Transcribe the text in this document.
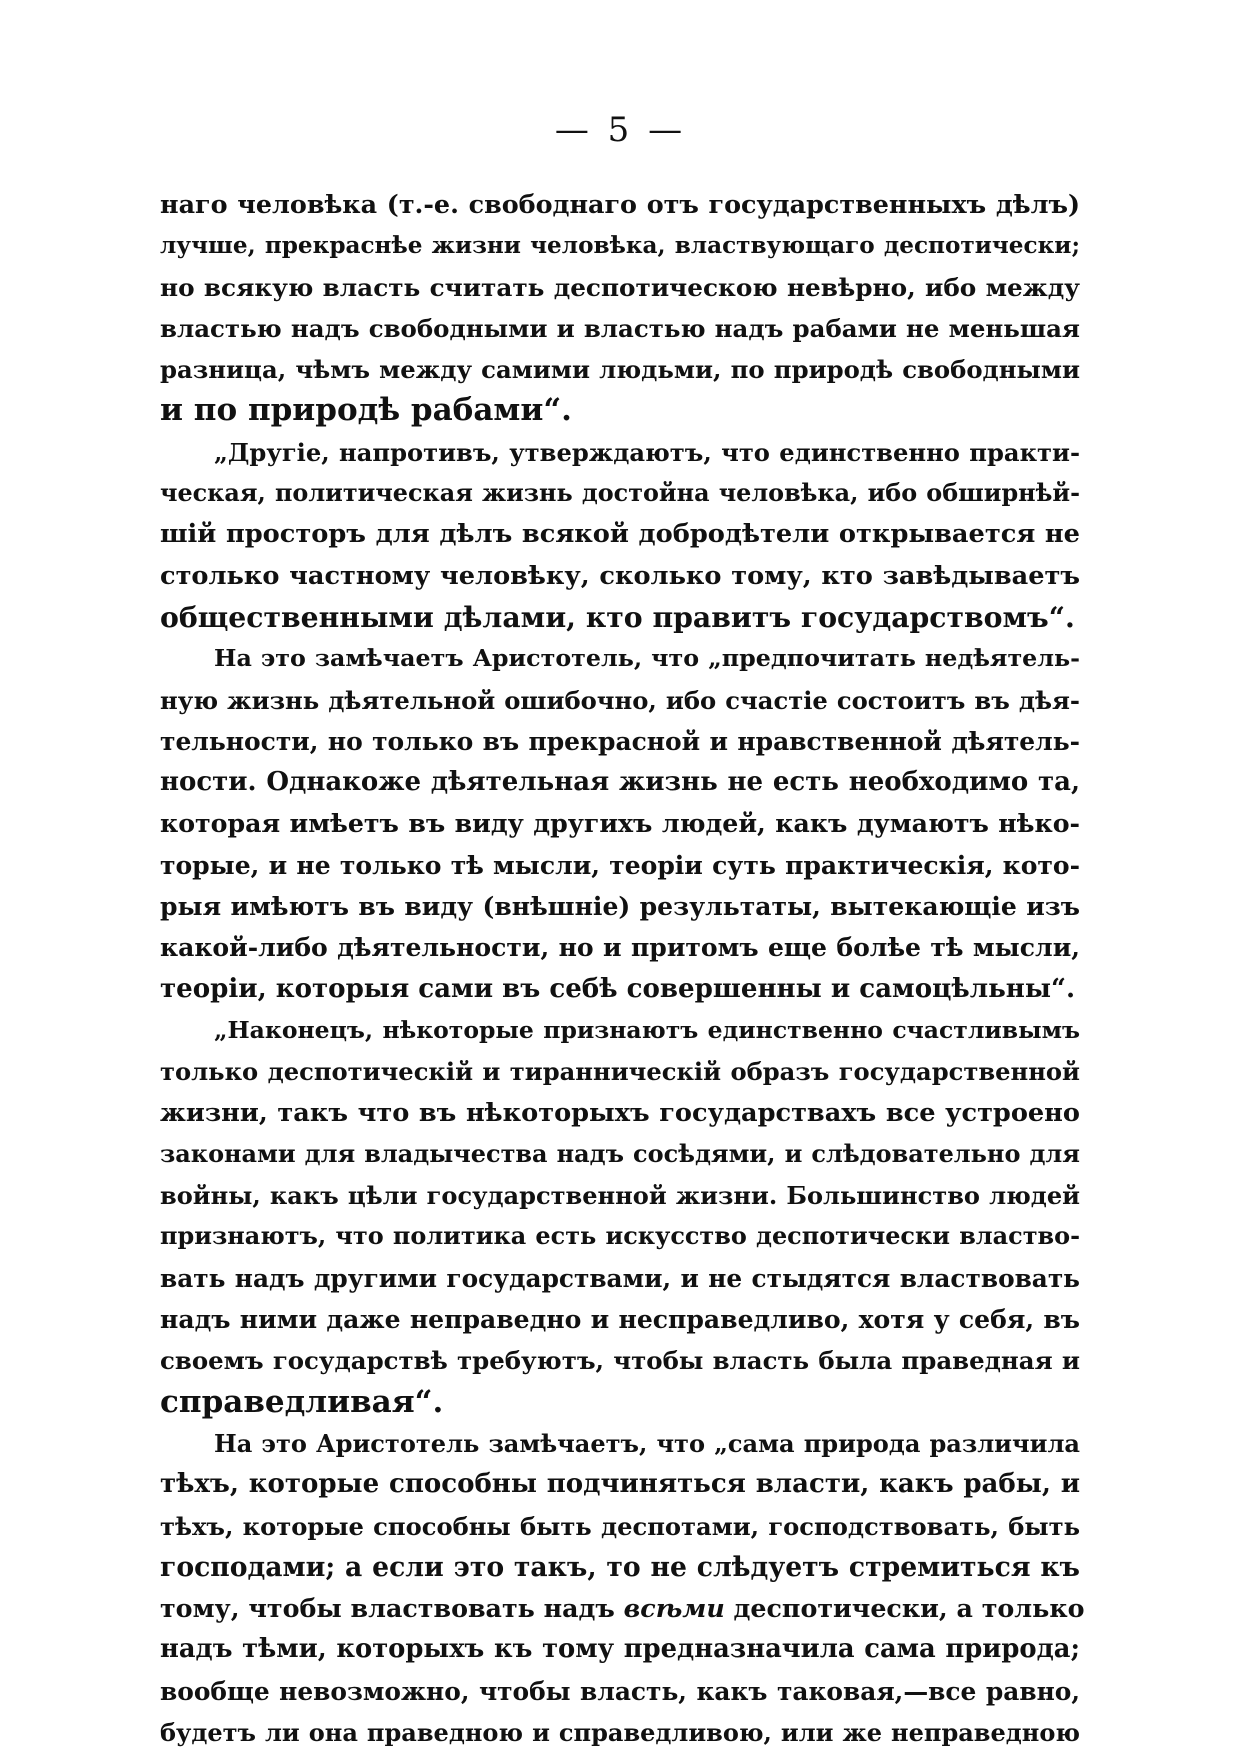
— 5 —
наго человѣка (т.-е. свободнаго отъ государственныхъ дѣлъ)
лучше, прекраснѣе жизни человѣка, властвующаго деспотически;
но всякую власть считать деспотическою невѣрно, ибо между
властью надъ свободными и властью надъ рабами не меньшая
разница, чѣмъ между самими людьми, по природѣ свободными
и по природѣ рабами“.
„Другіе, напротивъ, утверждаютъ, что единственно практи-
ческая, политическая жизнь достойна человѣка, ибо обширнѣй-
шій просторъ для дѣлъ всякой добродѣтели открывается не
столько частному человѣку, сколько тому, кто завѣдываетъ
общественными дѣлами, кто правитъ государствомъ“.
На это замѣчаетъ Аристотель, что „предпочитать недѣятель-
ную жизнь дѣятельной ошибочно, ибо счастіе состоитъ въ дѣя-
тельности, но только въ прекрасной и нравственной дѣятель-
ности. Однакоже дѣятельная жизнь не есть необходимо та,
которая имѣетъ въ виду другихъ людей, какъ думаютъ нѣко-
торые, и не только тѣ мысли, теоріи суть практическія, кото-
рыя имѣютъ въ виду (внѣшніе) результаты, вытекающіе изъ
какой-либо дѣятельности, но и притомъ еще болѣе тѣ мысли,
теоріи, которыя сами въ себѣ совершенны и самоцѣльны“.
„Наконецъ, нѣкоторые признаютъ единственно счастливымъ
только деспотическій и тиранническій образъ государственной
жизни, такъ что въ нѣкоторыхъ государствахъ все устроено
законами для владычества надъ сосѣдями, и слѣдовательно для
войны, какъ цѣли государственной жизни. Большинство людей
признаютъ, что политика есть искусство деспотически властво-
вать надъ другими государствами, и не стыдятся властвовать
надъ ними даже неправедно и несправедливо, хотя у себя, въ
своемъ государствѣ требуютъ, чтобы власть была праведная и
справедливая“.
На это Аристотель замѣчаетъ, что „сама природа различила
тѣхъ, которые способны подчиняться власти, какъ рабы, и
тѣхъ, которые способны быть деспотами, господствовать, быть
господами; а если это такъ, то не слѣдуетъ стремиться къ
тому, чтобы властвовать надъ всѣми деспотически, а только
надъ тѣми, которыхъ къ тому предназначила сама природа;
вообще невозможно, чтобы власть, какъ таковая,—все равно,
будетъ ли она праведною и справедливою, или же неправедною
